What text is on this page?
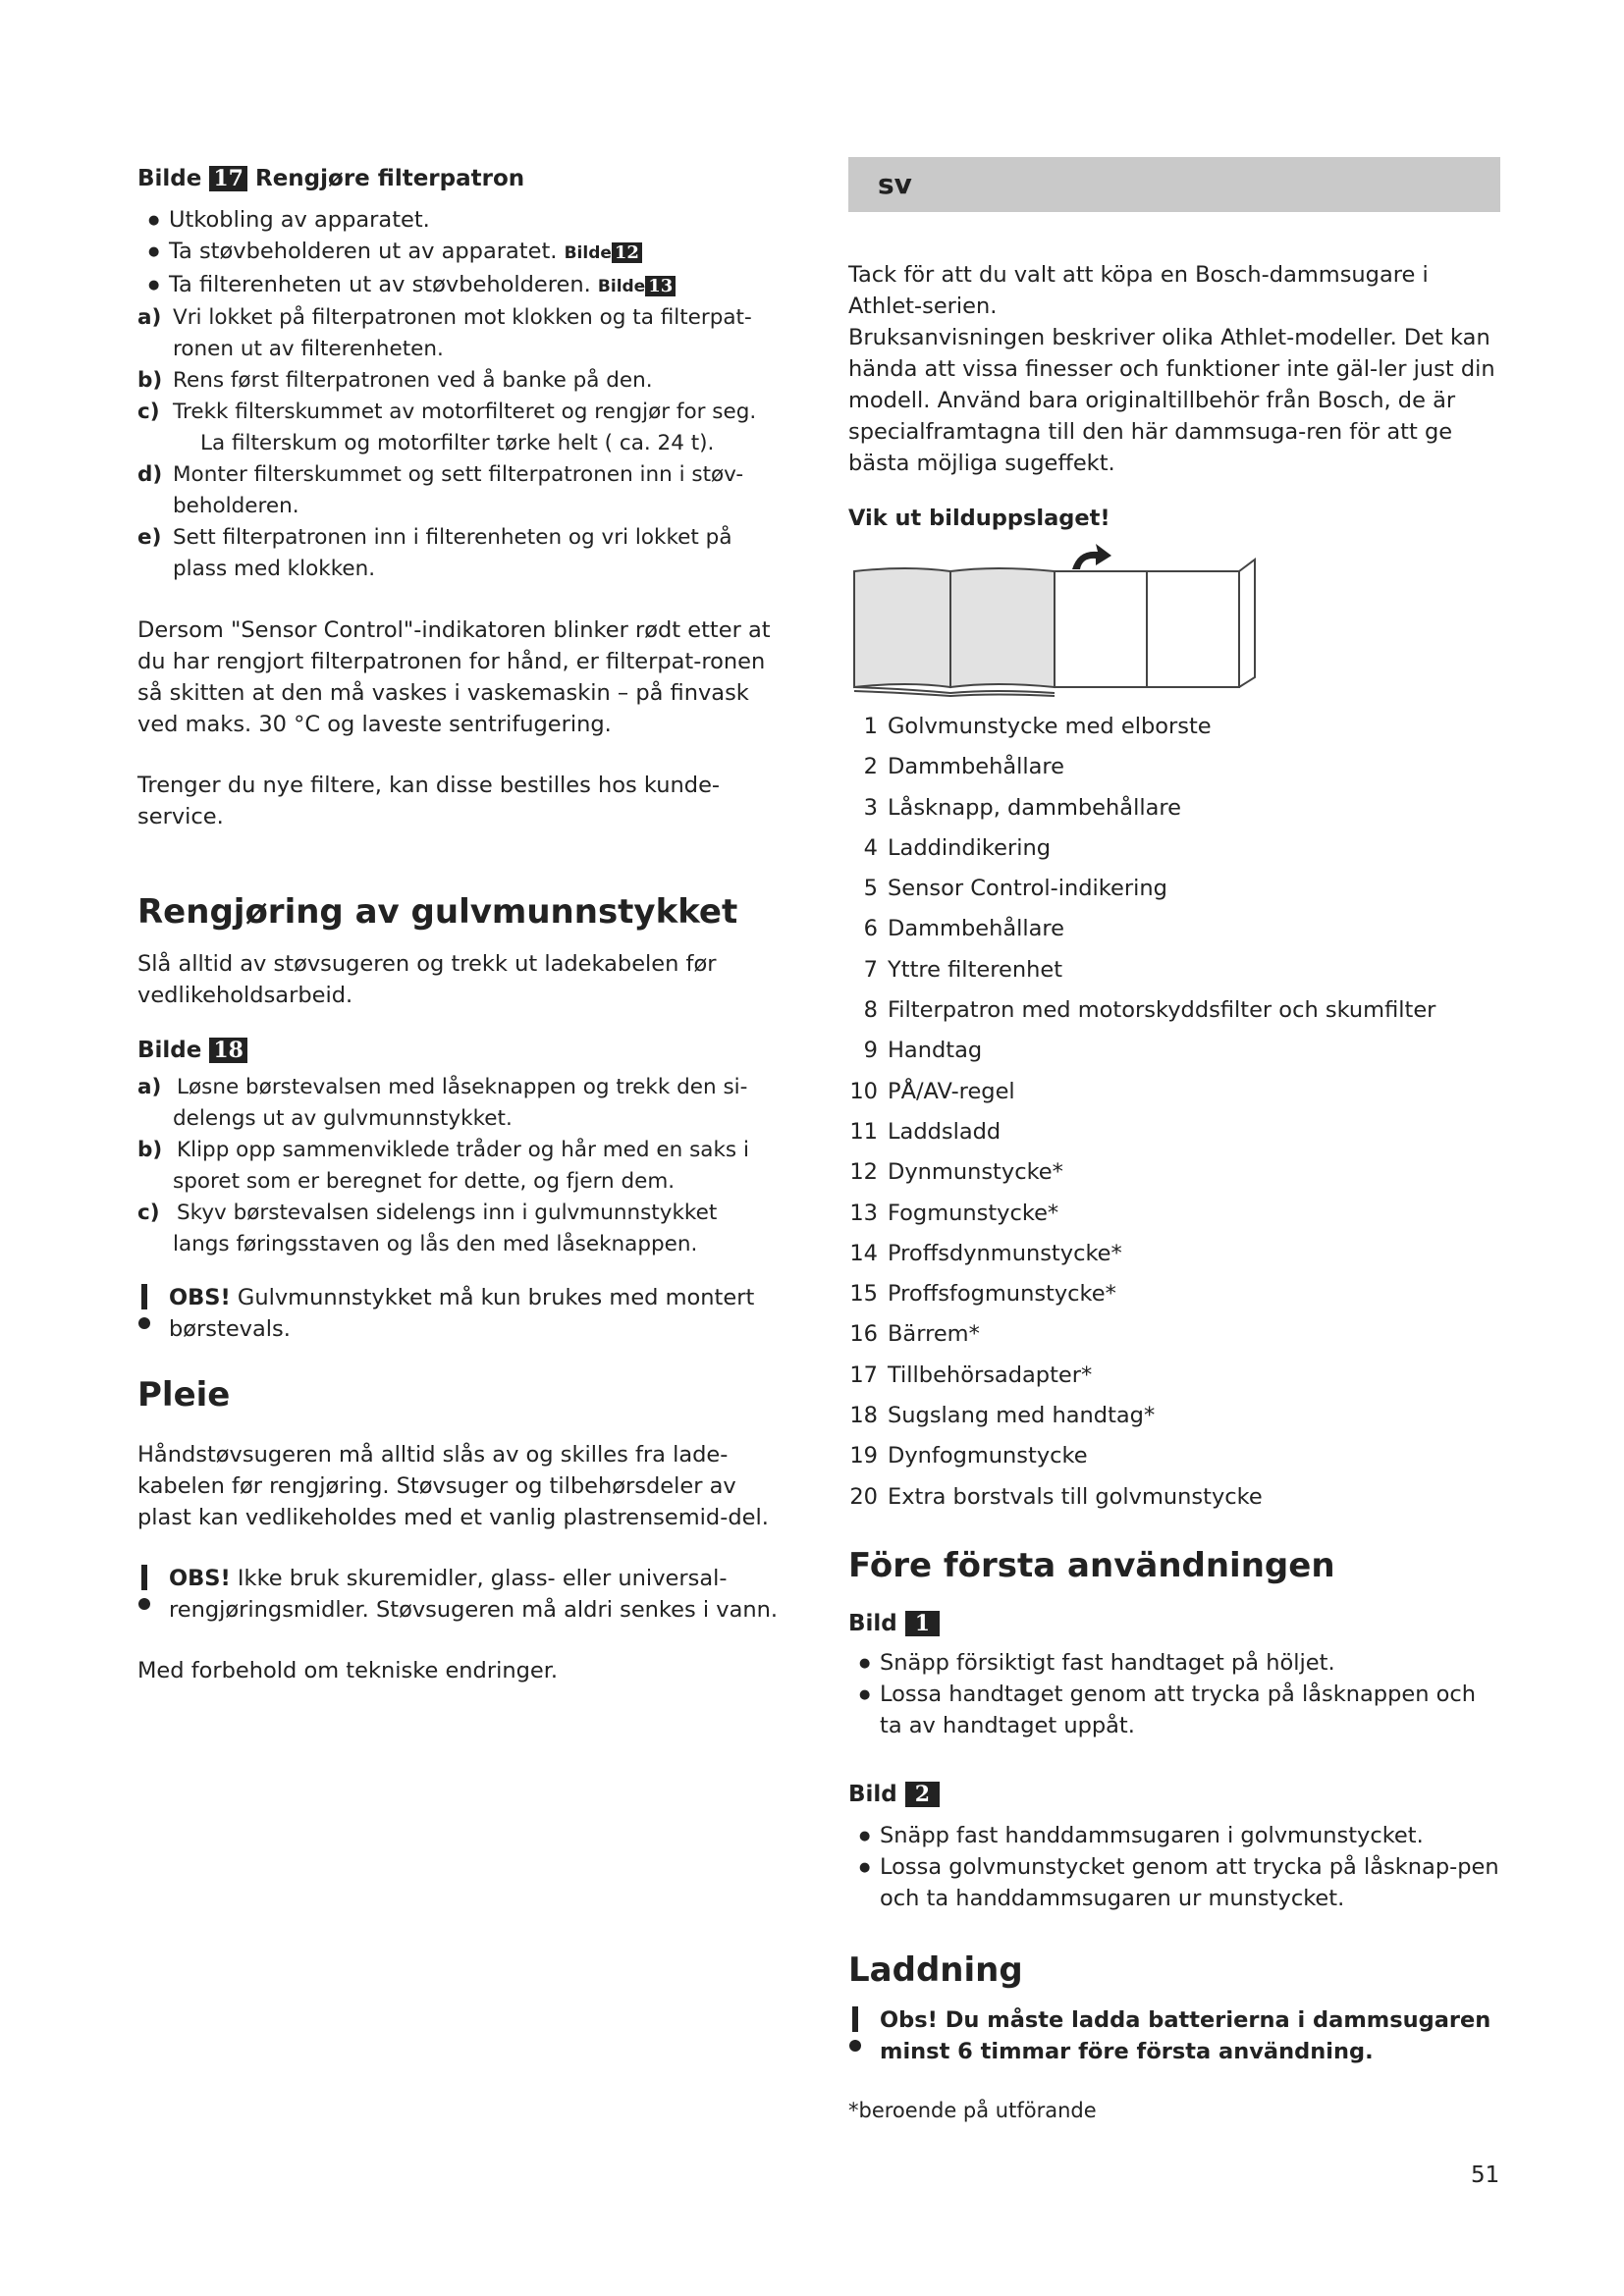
Bilde 17 Rengjøre filterpatron
● Utkobling av apparatet.
● Ta støvbeholderen ut av apparatet. Bilde 12
● Ta filterenheten ut av støvbeholderen. Bilde 13
a) Vri lokket på filterpatronen mot klokken og ta filterpat-
ronen ut av filterenheten.
b) Rens først filterpatronen ved å banke på den.
c) Trekk filterskummet av motorfilteret og rengjør for seg.
La filterskum og motorfilter tørke helt ( ca. 24 t).
d) Monter filterskummet og sett filterpatronen inn i støv-
beholderen.
e) Sett filterpatronen inn i filterenheten og vri lokket på
plass med klokken.

Dersom "Sensor Control"-indikatoren blinker rødt etter at du har rengjort filterpatronen for hånd, er filterpat-ronen så skitten at den må vaskes i vaskemaskin – på finvask ved maks. 30 °C og laveste sentrifugering.

Trenger du nye filtere, kan disse bestilles hos kunde-service.

Rengjøring av gulvmunnstykket

Slå alltid av støvsugeren og trekk ut ladekabelen før vedlikeholdsarbeid.

Bilde 18
a) Løsne børstevalsen med låseknappen og trekk den si-
delengs ut av gulvmunnstykket.
b) Klipp opp sammenviklede tråder og hår med en saks i
sporet som er beregnet for dette, og fjern dem.
c) Skyv børstevalsen sidelengs inn i gulvmunnstykket
langs føringsstaven og lås den med låseknappen.
OBS! Gulvmunnstykket må kun brukes med montert
børstevals.
Pleie

Håndstøvsugeren må alltid slås av og skilles fra lade-kabelen før rengjøring. Støvsuger og tilbehørsdeler av plast kan vedlikeholdes med et vanlig plastrensemid-del.

OBS! Ikke bruk skuremidler, glass- eller universal-rengjøringsmidler. Støvsugeren må aldri senkes i vann.

Med forbehold om tekniske endringer.

sv

Tack för att du valt att köpa en Bosch-dammsugare i Athlet-serien.

Bruksanvisningen beskriver olika Athlet-modeller. Det kan hända att vissa finesser och funktioner inte gäl-ler just din modell. Använd bara originaltillbehör från Bosch, de är specialframtagna till den här dammsuga-ren för att ge bästa möjliga sugeffekt.

Vik ut bilduppslaget!

1 Golvmunstycke med elborste
2 Dammbehållare
3 Låsknapp, dammbehållare
4 Laddindikering
5 Sensor Control-indikering
6 Dammbehållare
7 Yttre filterenhet
8 Filterpatron med motorskyddsfilter och skumfilter
9 Handtag
10 PÅ/AV-regel
11 Laddsladd
12 Dynmunstycke*
13 Fogmunstycke*
14 Proffsdynmunstycke*
15 Proffsfogmunstycke*
16 Bärrem*
17 Tillbehörsadapter*
18 Sugslang med handtag*
19 Dynfogmunstycke
20 Extra borstvals till golvmunstycke
Före första användningen
Bild 1
● Snäpp försiktigt fast handtaget på höljet.
● Lossa handtaget genom att trycka på låsknappen och ta av handtaget uppåt.
Bild 2
● Snäpp fast handdammsugaren i golvmunstycket.
● Lossa golvmunstycket genom att trycka på låsknap-pen och ta handdammsugaren ur munstycket.
Laddning
Obs! Du måste ladda batterierna i dammsugaren minst 6 timmar före första användning.

*beroende på utförande

51
